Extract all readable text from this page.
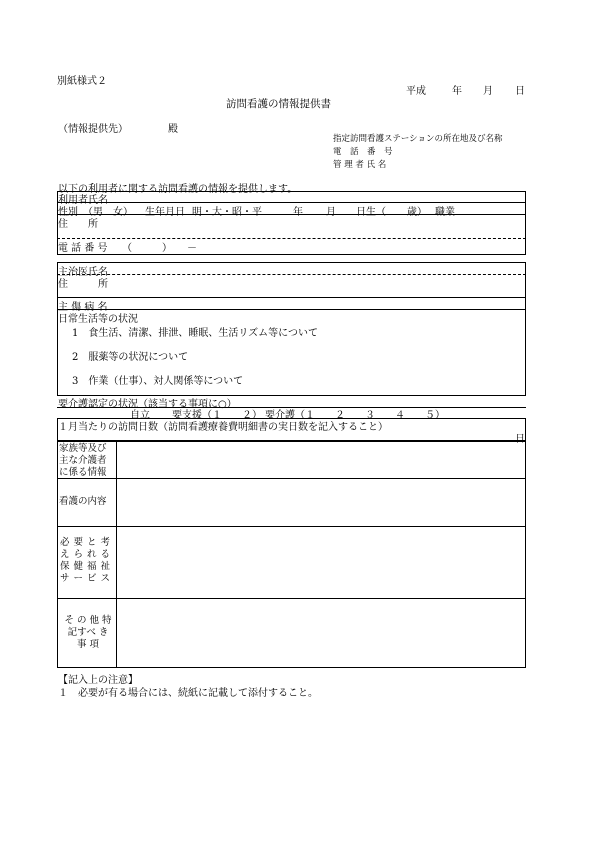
別紙様式２
平成	年 月 日
訪問看護の情報提供書
（情報提供先）	殿
指定訪問看護ステーションの所在地及び名称
電　話　番　号
管 理 者 氏 名
以下の利用者に関する訪問看護の情報を提供します。
利用者氏名
性別 （男　女） 生年月日 明・大・昭・平	年 月 日生（ 歳） 職業
住　　所
電 話 番 号 （　　　）　　－
主治医氏名
住　　　所
主 傷 病 名
日常生活等の状況
1　食生活、清潔、排泄、睡眠、生活リズム等について
2　服薬等の状況について
3　作業（仕事）、対人関係等について
要介護認定の状況（該当する事項に○）
自立 要支援（１　　２） 要介護（１　　２　　３　　４　　５）
１月当たりの訪問日数（訪問看護療養費明細書の実日数を記入すること）
日
家族等及び主な介護者に係る情報
看護の内容
必 要 と 考 え ら れ る 保 健 福 祉 サ ー ビ ス
そ の 他 特記すべ き 事 項
【記入上の注意】
１　必要が有る場合には、続紙に記載して添付すること。
